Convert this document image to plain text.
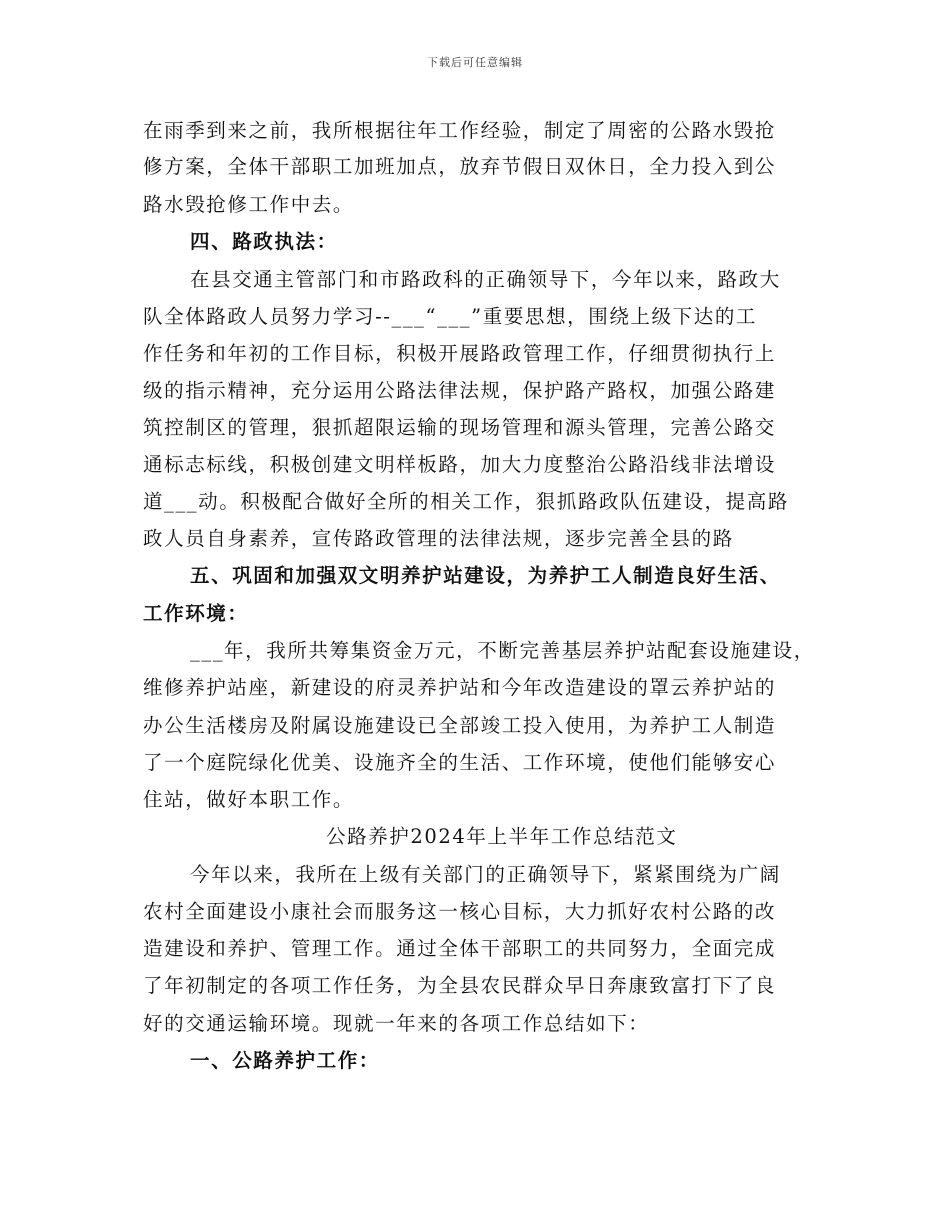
下载后可任意编辑
在雨季到来之前，我所根据往年工作经验，制定了周密的公路水毁抢
修方案，全体干部职工加班加点，放弃节假日双休日，全力投入到公
路水毁抢修工作中去。
四、路政执法：
在县交通主管部门和市路政科的正确领导下，今年以来，路政大
队全体路政人员努力学习--___“___”重要思想，围绕上级下达的工
作任务和年初的工作目标，积极开展路政管理工作，仔细贯彻执行上
级的指示精神，充分运用公路法律法规，保护路产路权，加强公路建
筑控制区的管理，狠抓超限运输的现场管理和源头管理，完善公路交
通标志标线，积极创建文明样板路，加大力度整治公路沿线非法增设
道___动。积极配合做好全所的相关工作，狠抓路政队伍建设，提高路
政人员自身素养，宣传路政管理的法律法规，逐步完善全县的路
五、巩固和加强双文明养护站建设，为养护工人制造良好生活、
工作环境：
___年，我所共筹集资金万元，不断完善基层养护站配套设施建设，
维修养护站座，新建设的府灵养护站和今年改造建设的罩云养护站的
办公生活楼房及附属设施建设已全部竣工投入使用，为养护工人制造
了一个庭院绿化优美、设施齐全的生活、工作环境，使他们能够安心
住站，做好本职工作。
公路养护2024年上半年工作总结范文
今年以来，我所在上级有关部门的正确领导下，紧紧围绕为广阔
农村全面建设小康社会而服务这一核心目标，大力抓好农村公路的改
造建设和养护、管理工作。通过全体干部职工的共同努力，全面完成
了年初制定的各项工作任务，为全县农民群众早日奔康致富打下了良
好的交通运输环境。现就一年来的各项工作总结如下：
一、公路养护工作：
